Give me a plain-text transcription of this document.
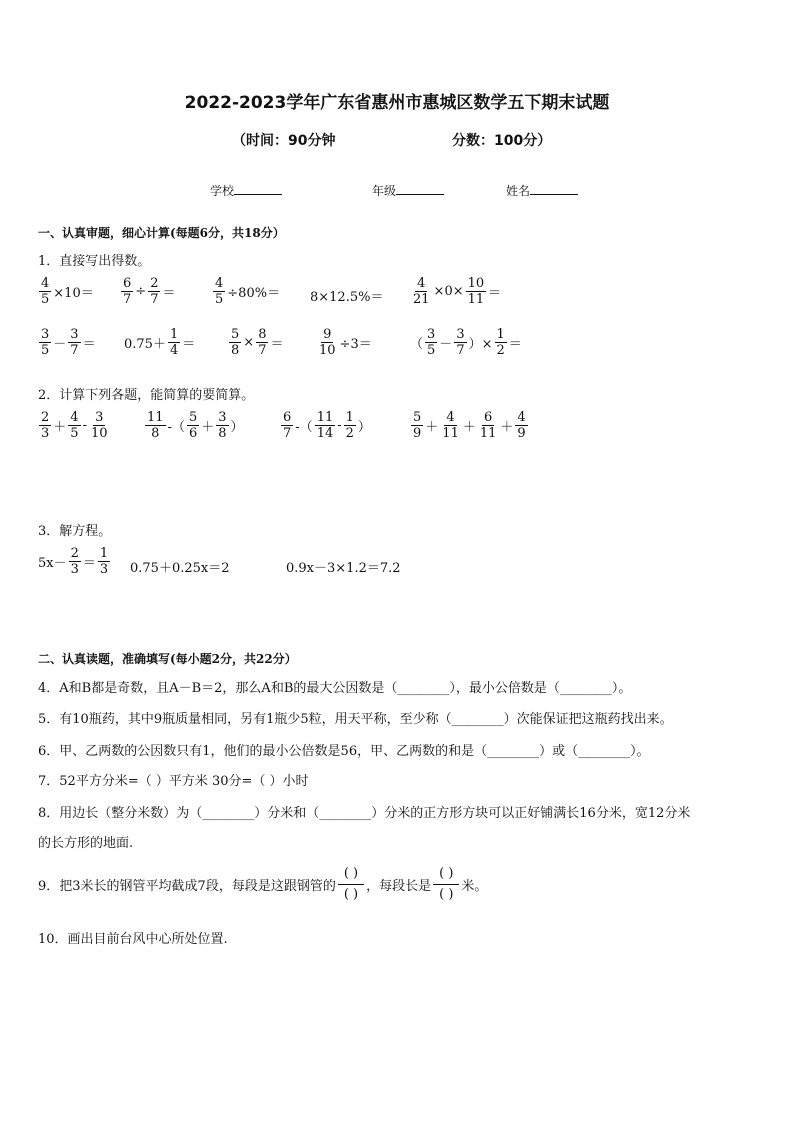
2022-2023学年广东省惠州市惠城区数学五下期末试题
（时间：90分钟	分数：100分）
学校	年级	姓名
一、认真审题，细心计算(每题6分，共18分）
1．直接写出得数。
$\frac{4}{5} \times 10= \frac{6}{7} \div \frac{2}{7}$ ＝	$\frac{4}{5} \div 80\%= 8\times 12.5\%= \frac{4}{21} \times 0\times \frac{10}{11}$ ＝
$\frac{3}{5} - \frac{3}{7} = 0.75+ \frac{1}{4}$ ＝	$\frac{5}{8} \times \frac{8}{7}$ ＝	$\frac{9}{10} \div 3=$	（ $\frac{3}{5} - \frac{3}{7}$ ）× $\frac{1}{2}$ ＝
2．计算下列各题，能简算的要简算。
$\frac{2}{3} + \frac{4}{5} - \frac{3}{10}$	$\frac{11}{8}$ -（ $\frac{5}{6} + \frac{3}{8}$ ）	$\frac{6}{7}$ -（ $\frac{11}{14} - \frac{1}{2}$ ）	$\frac{5}{9} + \frac{4}{11} + \frac{6}{11} + \frac{4}{9}$
3．解方程。
$5x- \frac{2}{3} = \frac{1}{3} 0.75+0.25x=2$	0.9x－3×1.2＝7.2
二、认真读题，准确填写(每小题2分，共22分）
4．A和B都是奇数，且A－B＝2，那么A和B的最大公因数是（________），最小公倍数是（________）。
5．有10瓶药，其中9瓶质量相同，另有1瓶少5粒，用天平称，至少称（________）次能保证把这瓶药找出来。
6．甲、乙两数的公因数只有1，他们的最小公倍数是56，甲、乙两数的和是（________）或（________）。
7．52平方分米=（ ）平方米 30分=（ ）小时
8．用边长（整分米数）为（________）分米和（________）分米的正方形方块可以正好铺满长16分米，宽12分米
的长方形的地面.
9．把3米长的钢管平均截成7段，每段是这跟钢管的
( )
( )
，每段长是
( )
( )
米。
10．画出目前台风中心所处位置.
